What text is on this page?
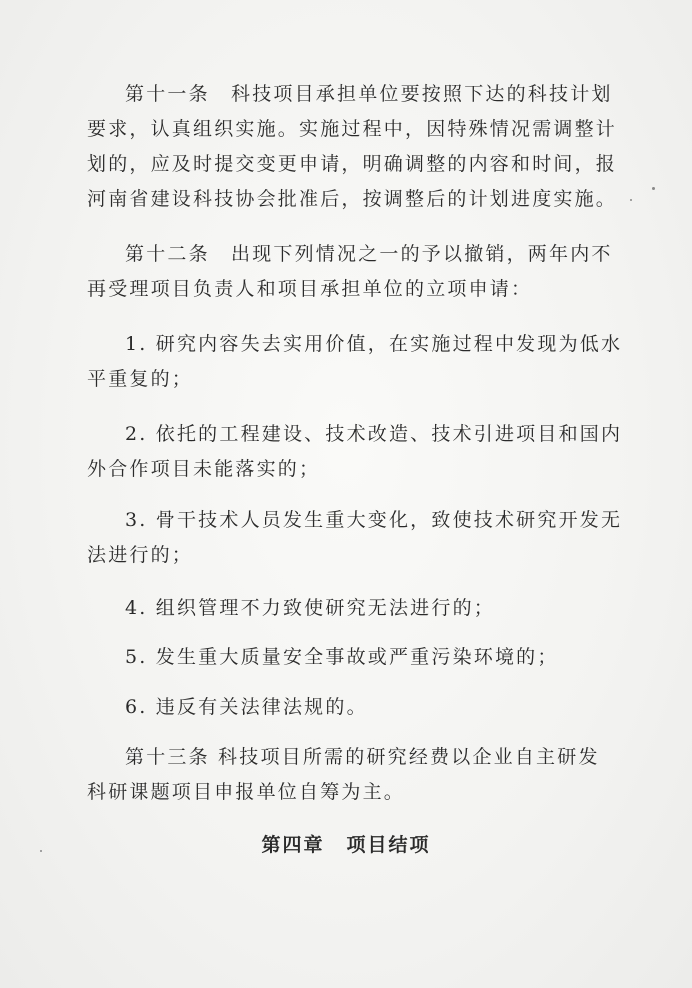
第十一条　科技项目承担单位要按照下达的科技计划
要求，认真组织实施。实施过程中，因特殊情况需调整计
划的，应及时提交变更申请，明确调整的内容和时间，报
河南省建设科技协会批准后，按调整后的计划进度实施。
第十二条　出现下列情况之一的予以撤销，两年内不
再受理项目负责人和项目承担单位的立项申请：
1. 研究内容失去实用价值，在实施过程中发现为低水
平重复的；
2. 依托的工程建设、技术改造、技术引进项目和国内
外合作项目未能落实的；
3. 骨干技术人员发生重大变化，致使技术研究开发无
法进行的；
4. 组织管理不力致使研究无法进行的；
5. 发生重大质量安全事故或严重污染环境的；
6. 违反有关法律法规的。
第十三条 科技项目所需的研究经费以企业自主研发
科研课题项目申报单位自筹为主。
第四章 项目结项
